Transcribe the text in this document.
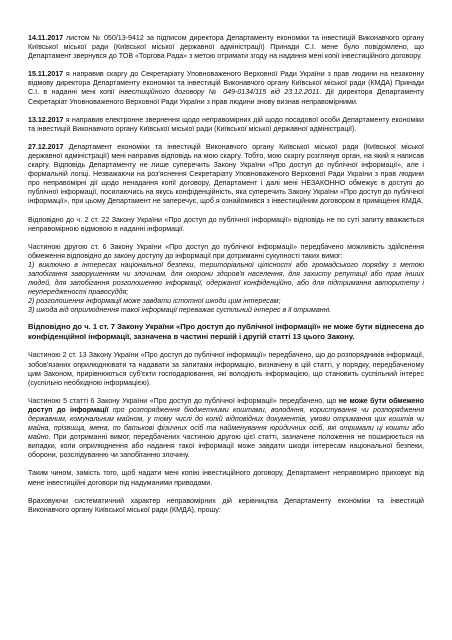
14.11.2017 листом № 050/13-9412 за підписом директора Департаменту економіки та інвестицій Виконавчого органу Київської міської ради (Київської міської державної адміністрації) Принади С.І. мене було повідомлено, що Департамент звернувся до ТОВ «Торгова Рада» з метою отримати згоду на надання мені копії інвестиційного договору.

15.11.2017 я направив скаргу до Секретаріату Уповноваженого Верховної Ради України з прав людини на незаконну відмову директора Департаменту економіки та інвестицій Виконавчого органу Київської міської ради (КМДА) Принади С.І. в наданні мені копії інвестиційного договору № 049-0134/115 від 23.12.2011. Дії директора Департаменту Секретаріат Уповноваженого Верховної Ради України з прав людини знову визнав неправомірними.

13.12.2017 я направив електронне звернення щодо неправомірних дій щодо посадової особи Департаменту економіки та інвестицій Виконавчого органу Київської міської ради (Київської міської державної адміністрації).

27.12.2017 Департамент економіки та інвестицій Виконавчого органу Київської міської ради (Київської міської державної адміністрації) мені направив відповідь на мою скаргу. Тобто, мою скаргу розглянув орган, на який я написав скаргу. Відповідь Департаменту не лише суперечить Закону України «Про доступ до публічної інформації», але і формальній логіці. Незважаючи на роз'яснення Секретаріату Уповноваженого Верховної Ради України з прав людини про неправомірні дії щодо ненадання копії договору, Департамент і далі мені НЕЗАКОННО обмежує в доступі до публічної інформації, посилаючись на якусь конфіденційність, яка суперечить Закону України «Про доступ до публічної інформації», при цьому Департамент не заперечує, щоб я ознайомився з інвестиційним договором в приміщенні КМДА.

Відповідно до ч. 2 ст. 22 Закону України «Про доступ до публічної інформації» відповідь не по суті запиту вважається неправомірною відмовою в наданні інформації.

Частиною другою ст. 6 Закону України «Про доступ до публічної інформації» передбачено можливість здійснення обмеження відповідно до закону доступу до інформації при дотриманні сукупності таких вимог:

1) виключно в інтересах національної безпеки, територіальної цілісності або громадського порядку з метою запобігання заворушенням чи злочинам, для охорони здоров'я населення, для захисту репутації або прав інших людей, для запобігання розголошенню інформації, одержаної конфіденційно, або для підтримання авторитету і неупередженості правосуддя;

2) розголошення інформації може завдати істотної шкоди цим інтересам;

3) шкода від оприлюднення такої інформації переважає суспільний інтерес в її отриманні.

Відповідно до ч. 1 ст. 7 Закону України «Про доступ до публічної інформації» не може бути віднесена до конфіденційної інформації, зазначена в частині першій і другій статті 13 цього Закону.

Частиною 2 ст. 13 Закону України «Про доступ до публічної інформації» передбачено, що до розпорядників інформації, зобов'язаних оприлюднювати та надавати за запитами інформацію, визначену в цій статті, у порядку, передбаченому цим Законом, прирівнюються суб'єкти господарювання, які володіють інформацією, що становить суспільний інтерес (суспільно необхідною інформацією).

Частиною 5 статті 6 Закону України «Про доступ до публічної інформації» передбачено, що не може бути обмежено доступ до інформації про розпорядження бюджетними коштами, володіння, користування чи розпорядження державним, комунальним майном, у тому числі до копій відповідних документів, умови отримання цих коштів чи майна, прізвища, імена, по батькові фізичних осіб та найменування юридичних осіб, які отримали ці кошти або майно. При дотриманні вимог, передбачених частиною другою цієї статті, зазначене положення не поширюється на випадки, коли оприлюднення або надання такої інформації може завдати шкоди інтересам національної безпеки, оборони, розслідуванню чи запобіганню злочину.

Таким чином, замість того, щоб надати мені копію інвестиційного договору, Департамент неправомірно приховує від мене інвестиційні договори під надуманими приводами.

Враховуючи систематичний характер неправомірних дій керівництва Департаменту економіки та інвестицій Виконавчого органу Київської міської ради (КМДА), прошу:
